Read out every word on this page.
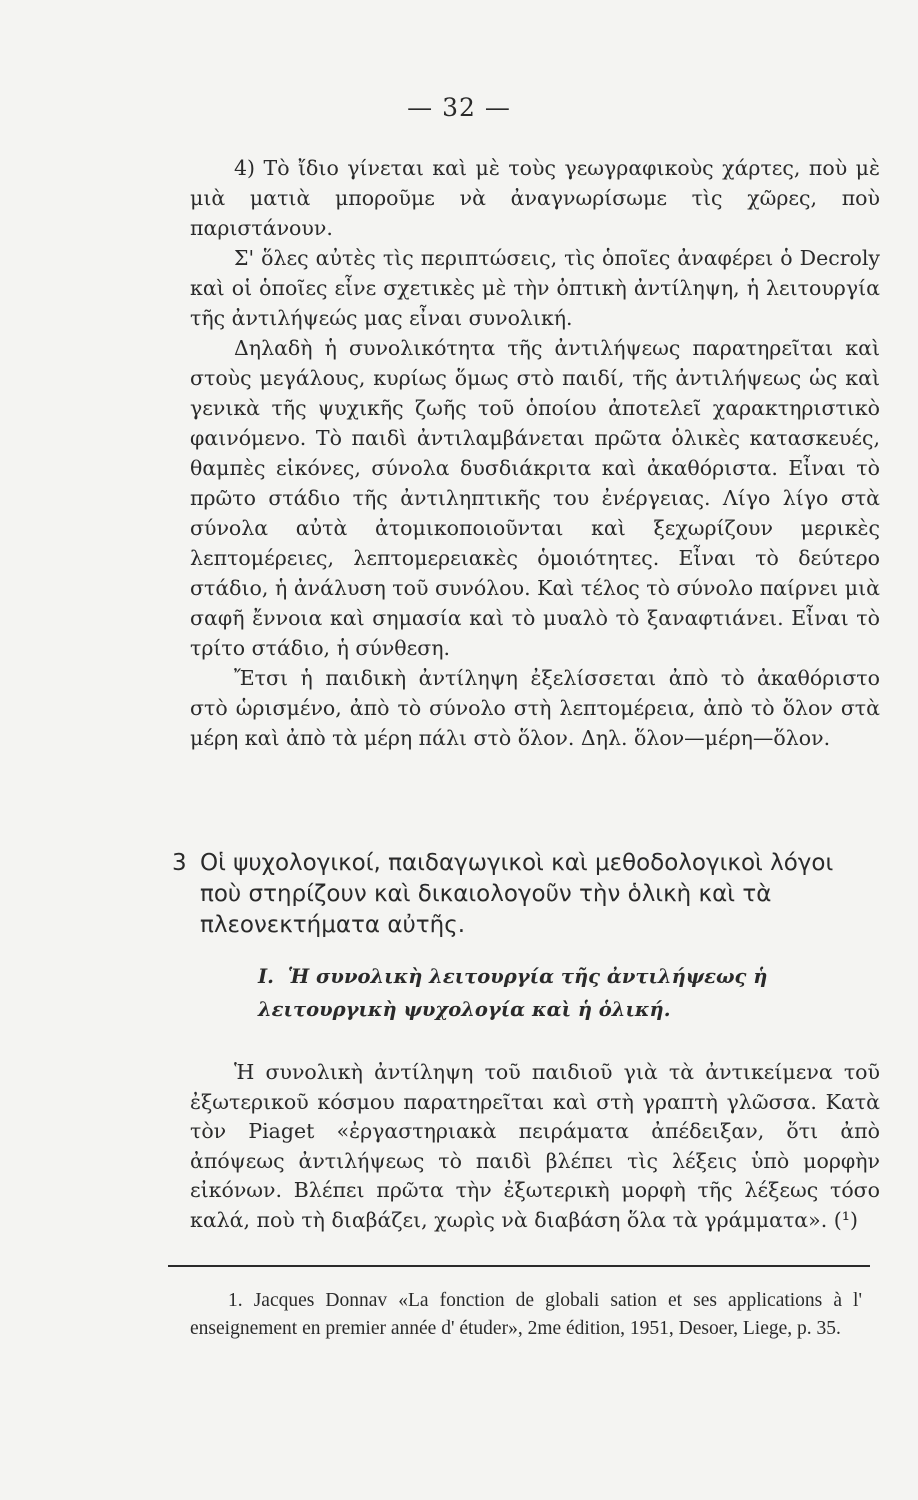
— 32 —

4) Τὸ ἴδιο γίνεται καὶ μὲ τοὺς γεωγραφικοὺς χάρτες, ποὺ μὲ μιὰ ματιὰ μποροῦμε νὰ ἀναγνωρίσωμε τὶς χῶρες, ποὺ παριστάνουν.

Σ' ὅλες αὐτὲς τὶς περιπτώσεις, τὶς ὁποῖες ἀναφέρει ὁ Decroly καὶ οἱ ὁποῖες εἶνε σχετικὲς μὲ τὴν ὀπτικὴ ἀντίληψη, ἡ λειτουργία τῆς ἀντιλήψεώς μας εἶναι συνολική.

Δηλαδὴ ἡ συνολικότητα τῆς ἀντιλήψεως παρατηρεῖται καὶ στοὺς μεγάλους, κυρίως ὅμως στὸ παιδί, τῆς ἀντιλήψεως ὡς καὶ γενικὰ τῆς ψυχικῆς ζωῆς τοῦ ὁποίου ἀποτελεῖ χαρακτηριστικὸ φαινόμενο. Τὸ παιδὶ ἀντιλαμβάνεται πρῶτα ὁλικὲς κατασκευές, θαμπὲς εἰκόνες, σύνολα δυσδιάκριτα καὶ ἀκαθόριστα. Εἶναι τὸ πρῶτο στάδιο τῆς ἀντιληπτικῆς του ἐνέργειας. Λίγο λίγο στὰ σύνολα αὐτὰ ἀτομικοποιοῦνται καὶ ξεχωρίζουν μερικὲς λεπτομέρειες, λεπτομερειακὲς ὁμοιότητες. Εἶναι τὸ δεύτερο στάδιο, ἡ ἀνάλυση τοῦ συνόλου. Καὶ τέλος τὸ σύνολο παίρνει μιὰ σαφῆ ἔννοια καὶ σημασία καὶ τὸ μυαλὸ τὸ ξαναφτιάνει. Εἶναι τὸ τρίτο στάδιο, ἡ σύνθεση.

Ἔτσι ἡ παιδικὴ ἀντίληψη ἐξελίσσεται ἀπὸ τὸ ἀκαθόριστο στὸ ὡρισμένο, ἀπὸ τὸ σύνολο στὴ λεπτομέρεια, ἀπὸ τὸ ὅλον στὰ μέρη καὶ ἀπὸ τὰ μέρη πάλι στὸ ὅλον. Δηλ. ὅλον—μέρη—ὅλον.

3 Οἱ ψυχολογικοί, παιδαγωγικοὶ καὶ μεθοδολογικοὶ λόγοι ποὺ στηρίζουν καὶ δικαιολογοῦν τὴν ὁλικὴ καὶ τὰ πλεονεκτήματα αὐτῆς.
I. Ἡ συνολικὴ λειτουργία τῆς ἀντιλήψεως ἡ λειτουργικὴ ψυχολογία καὶ ἡ ὁλική.

Ἡ συνολικὴ ἀντίληψη τοῦ παιδιοῦ γιὰ τὰ ἀντικείμενα τοῦ ἐξωτερικοῦ κόσμου παρατηρεῖται καὶ στὴ γραπτὴ γλῶσσα. Κατὰ τὸν Piaget «ἐργαστηριακὰ πειράματα ἀπέδειξαν, ὅτι ἀπὸ ἀπόψεως ἀντιλήψεως τὸ παιδὶ βλέπει τὶς λέξεις ὑπὸ μορφὴν εἰκόνων. Βλέπει πρῶτα τὴν ἐξωτερικὴ μορφὴ τῆς λέξεως τόσο καλά, ποὺ τὴ διαβάζει, χωρὶς νὰ διαβάση ὅλα τὰ γράμματα». (¹)

1. Jacques Donnav «La fonction de globali sation et ses applications à l' enseignement en premier année d' étuder», 2me édition, 1951, Desoer, Liege, p. 35.
